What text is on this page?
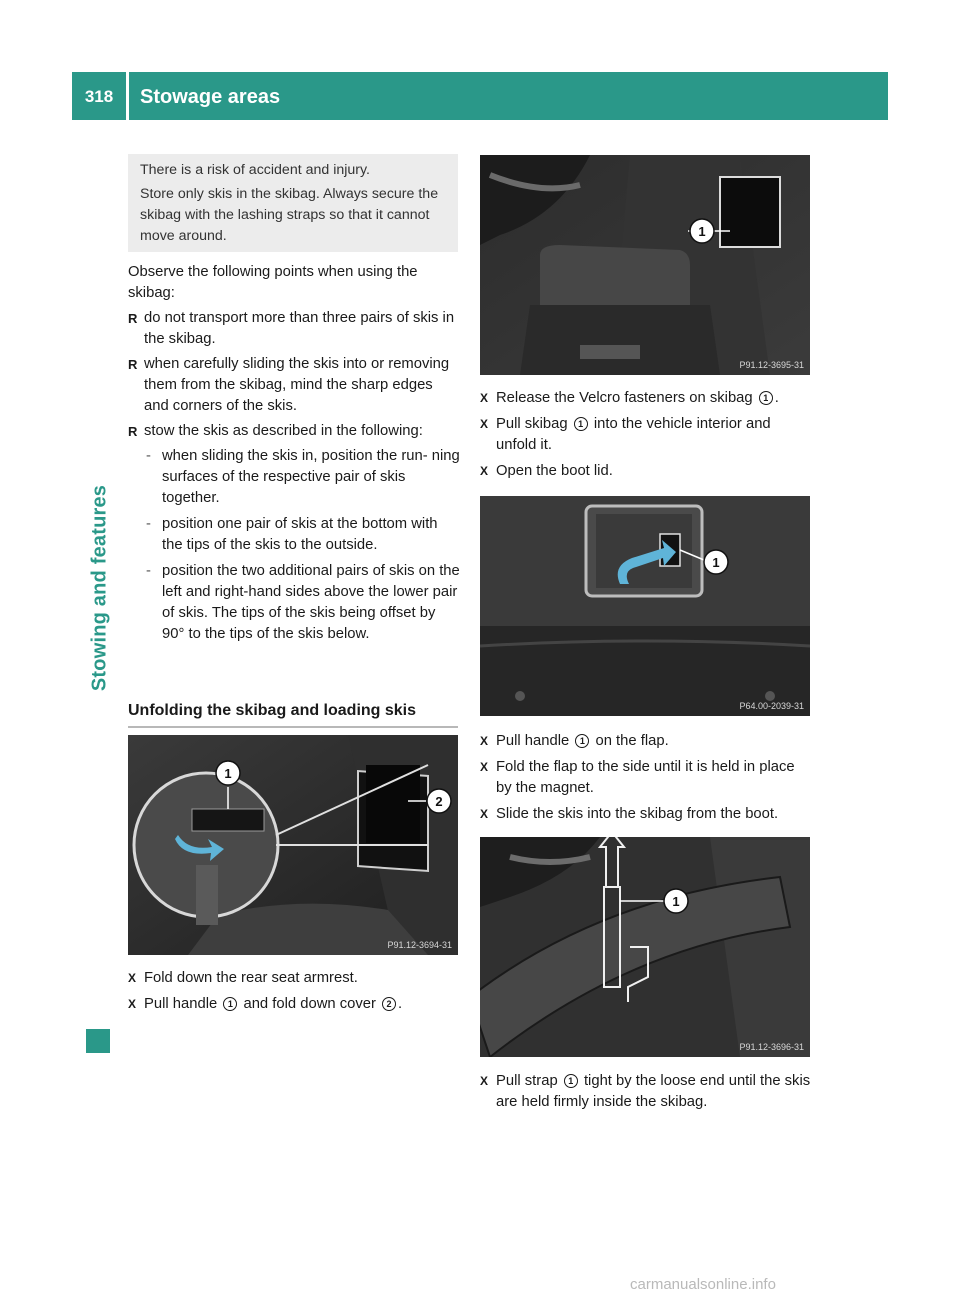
318	Stowage areas
Stowing and features

There is a risk of accident and injury.

Store only skis in the skibag. Always secure the skibag with the lashing straps so that it cannot move around.

Observe the following points when using the skibag:
R do not transport more than three pairs of skis in the skibag.
R when carefully sliding the skis into or removing them from the skibag, mind the sharp edges and corners of the skis.
R stow the skis as described in the following:
- when sliding the skis in, position the run- ning surfaces of the respective pair of skis together.
- position one pair of skis at the bottom with the tips of the skis to the outside.
- position the two additional pairs of skis on the left and right-hand sides above the lower pair of skis. The tips of the skis being offset by 90° to the tips of the skis below.
Unfolding the skibag and loading skis
1
2
P91.12-3694-31
X Fold down the rear seat armrest.
X Pull handle 1 and fold down cover 2 .
1
P91.12-3695-31
X Release the Velcro fasteners on skibag 1 .
X Pull skibag 1 into the vehicle interior and unfold it.
X Open the boot lid.
1
P64.00-2039-31
X Pull handle 1 on the flap.
X Fold the flap to the side until it is held in place by the magnet.
X Slide the skis into the skibag from the boot.
1
P91.12-3696-31
X Pull strap 1 tight by the loose end until the skis are held firmly inside the skibag.
carmanualsonline.info
